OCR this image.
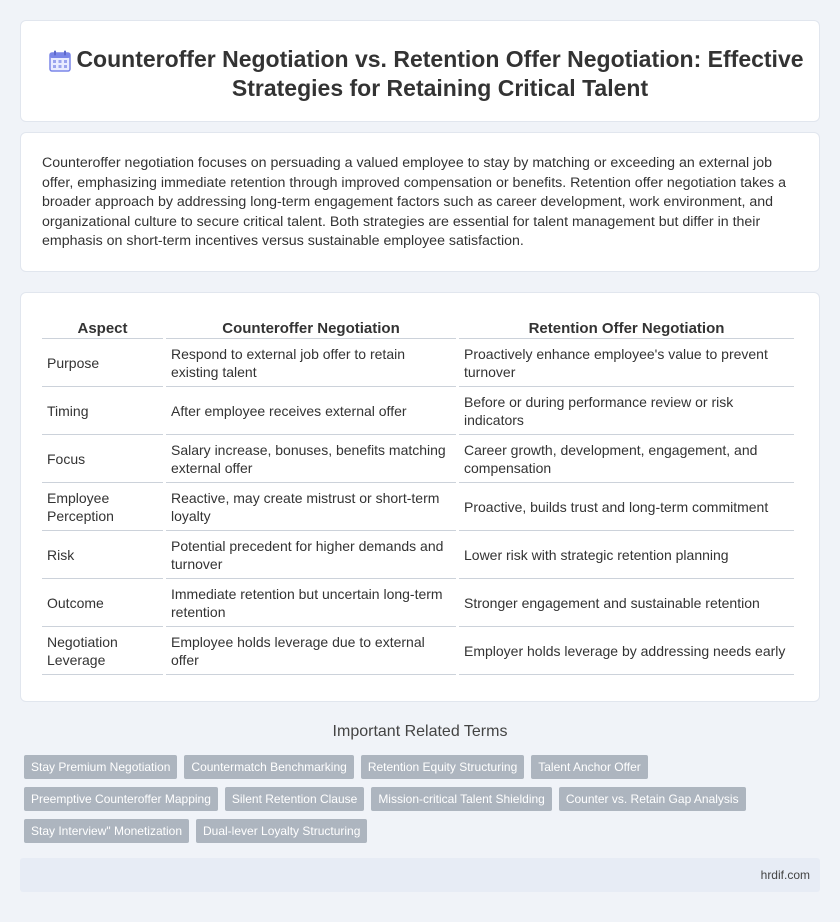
Counteroffer Negotiation vs. Retention Offer Negotiation: Effective Strategies for Retaining Critical Talent

Counteroffer negotiation focuses on persuading a valued employee to stay by matching or exceeding an external job offer, emphasizing immediate retention through improved compensation or benefits. Retention offer negotiation takes a broader approach by addressing long-term engagement factors such as career development, work environment, and organizational culture to secure critical talent. Both strategies are essential for talent management but differ in their emphasis on short-term incentives versus sustainable employee satisfaction.

Aspect	Counteroffer Negotiation	Retention Offer Negotiation
Purpose	Respond to external job offer to retain existing talent	Proactively enhance employee's value to prevent turnover
Timing	After employee receives external offer	Before or during performance review or risk indicators
Focus	Salary increase, bonuses, benefits matching external offer	Career growth, development, engagement, and compensation
Employee Perception	Reactive, may create mistrust or short-term loyalty	Proactive, builds trust and long-term commitment
Risk	Potential precedent for higher demands and turnover	Lower risk with strategic retention planning
Outcome	Immediate retention but uncertain long-term retention	Stronger engagement and sustainable retention
Negotiation Leverage	Employee holds leverage due to external offer	Employer holds leverage by addressing needs early
Important Related Terms
Stay Premium Negotiation Countermatch Benchmarking Retention Equity Structuring Talent Anchor Offer
Preemptive Counteroffer Mapping Silent Retention Clause Mission-critical Talent Shielding Counter vs. Retain Gap Analysis
Stay Interview" Monetization Dual-lever Loyalty Structuring
hrdif.com
